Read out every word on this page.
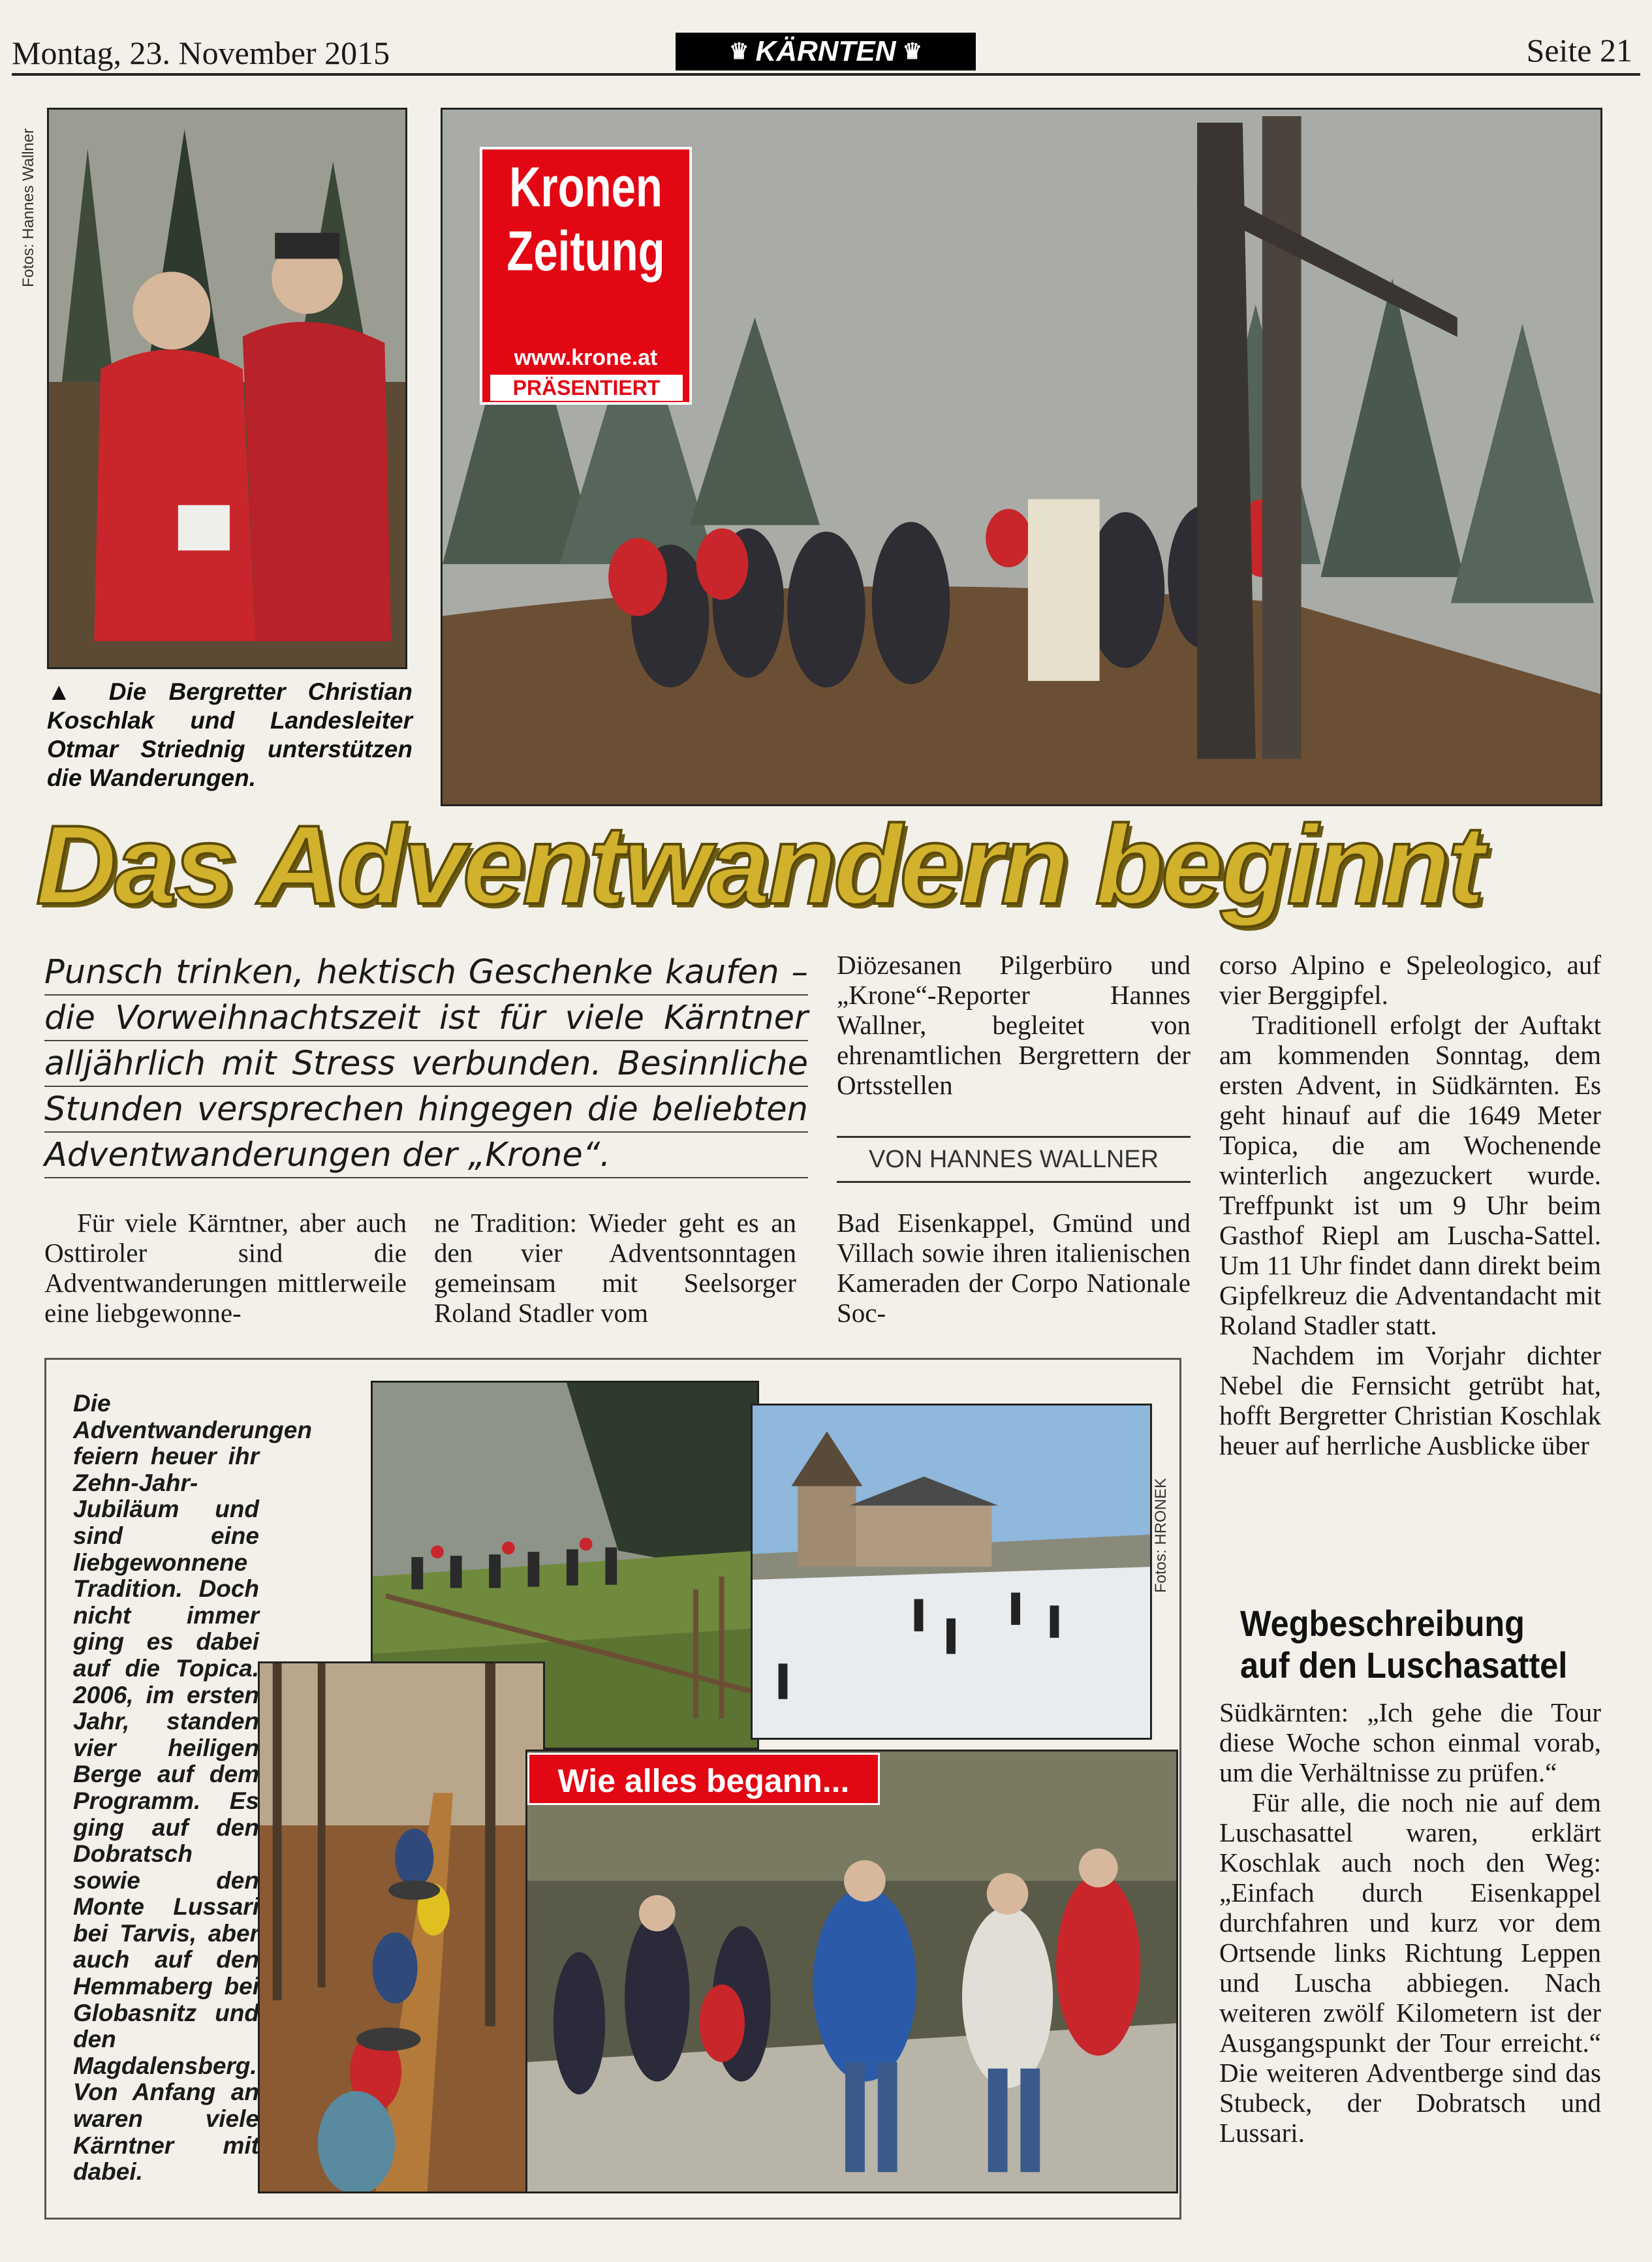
Montag, 23. November 2015	♛ KÄRNTEN ♛	Seite 21
Fotos: Hannes Wallner
▲ Die Bergretter Christian Koschlak und Landesleiter Otmar Striednig unterstützen die Wanderungen.
Kronen
Zeitung
www.krone.at
PRÄSENTIERT
Das Adventwandern beginnt
Punsch trinken, hektisch Geschenke kaufen – die Vorweihnachtszeit ist für viele Kärntner alljährlich mit Stress verbunden. Besinnliche Stunden versprechen hingegen die beliebten Adventwanderungen der „Krone“.

Für viele Kärntner, aber auch Osttiroler sind die Adventwanderungen mittlerweile eine liebgewonne-

ne Tradition: Wieder geht es an den vier Adventsonntagen gemeinsam mit Seelsorger Roland Stadler vom

Diözesanen Pilgerbüro und „Krone“-Reporter Hannes Wallner, begleitet von ehrenamtlichen Bergrettern der Ortsstellen

VON HANNES WALLNER

Bad Eisenkappel, Gmünd und Villach sowie ihren italienischen Kameraden der Corpo Nationale Soc-

corso Alpino e Speleologico, auf vier Berggipfel.

Traditionell erfolgt der Auftakt am kommenden Sonntag, dem ersten Advent, in Südkärnten. Es geht hinauf auf die 1649 Meter Topica, die am Wochenende winterlich angezuckert wurde. Treffpunkt ist um 9 Uhr beim Gasthof Riepl am Luscha-Sattel. Um 11 Uhr findet dann direkt beim Gipfelkreuz die Adventandacht mit Roland Stadler statt.

Nachdem im Vorjahr dichter Nebel die Fernsicht getrübt hat, hofft Bergretter Christian Koschlak heuer auf herrliche Ausblicke über

Wegbeschreibung auf den Luschasattel

Südkärnten: „Ich gehe die Tour diese Woche schon einmal vorab, um die Verhältnisse zu prüfen.“

Für alle, die noch nie auf dem Luschasattel waren, erklärt Koschlak auch noch den Weg: „Einfach durch Eisenkappel durchfahren und kurz vor dem Ortsende links Richtung Leppen und Luscha abbiegen. Nach weiteren zwölf Kilometern ist der Ausgangspunkt der Tour erreicht.“ Die weiteren Adventberge sind das Stubeck, der Dobratsch und Lussari.

Die Adventwanderungen feiern heuer ihr Zehn-Jahr-Jubiläum und sind eine liebgewonnene Tradition. Doch nicht immer ging es dabei auf die Topica. 2006, im ersten Jahr, standen vier heiligen Berge auf dem Programm. Es ging auf den Dobratsch sowie den Monte Lussari bei Tarvis, aber auch auf den Hemmaberg bei Globasnitz und den Magdalensberg. Von Anfang an waren viele Kärntner mit dabei.
Fotos: HRONEK
Wie alles begann...
